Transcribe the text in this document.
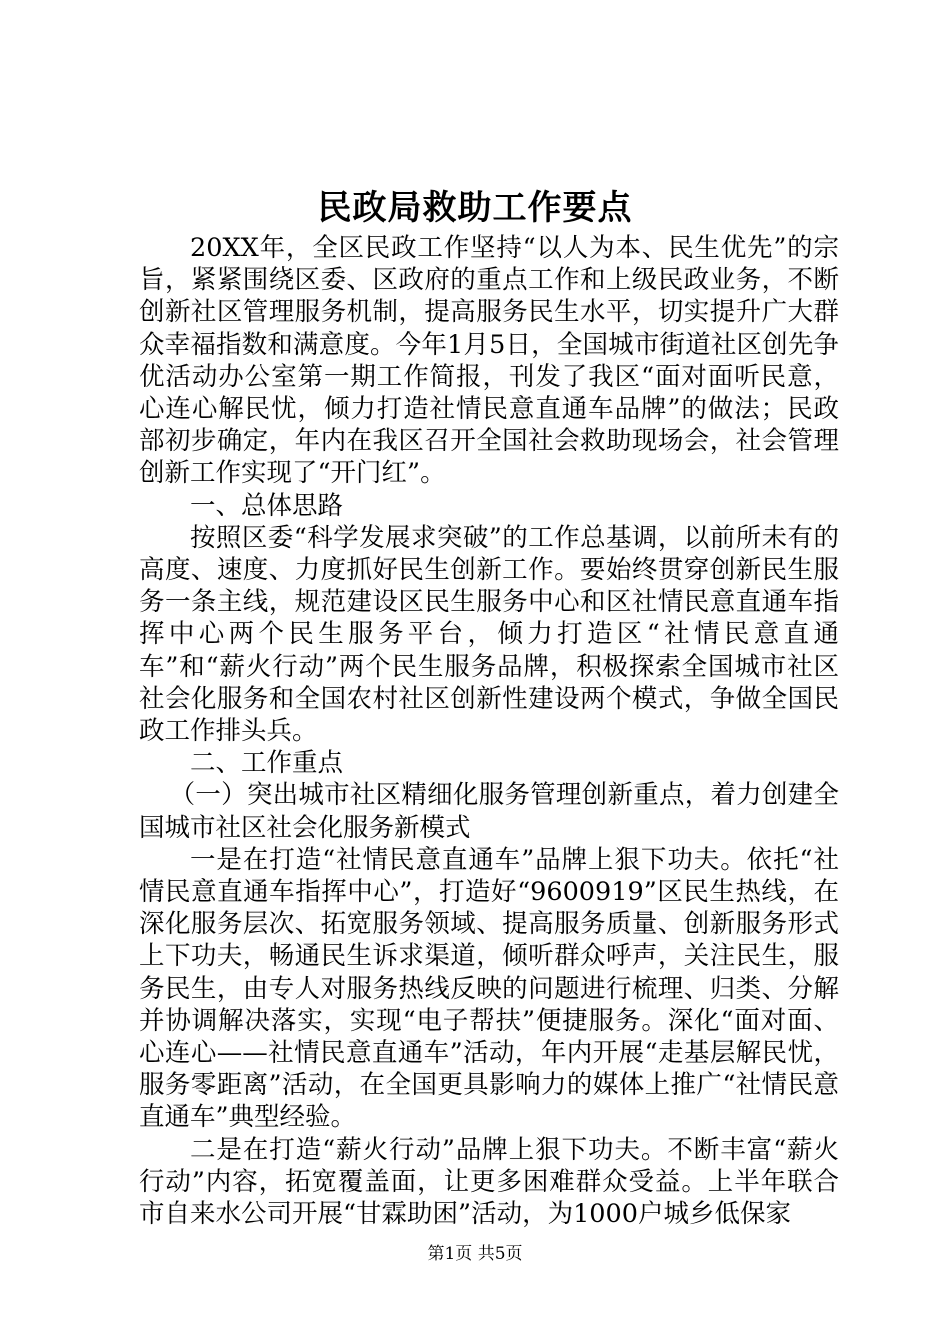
民政局救助工作要点

20XX年，全区民政工作坚持“以人为本、民生优先”的宗旨，紧紧围绕区委、区政府的重点工作和上级民政业务，不断创新社区管理服务机制，提高服务民生水平，切实提升广大群众幸福指数和满意度。今年1月5日，全国城市街道社区创先争优活动办公室第一期工作简报，刊发了我区“面对面听民意，心连心解民忧，倾力打造社情民意直通车品牌”的做法；民政部初步确定，年内在我区召开全国社会救助现场会，社会管理创新工作实现了“开门红”。

一、总体思路

按照区委“科学发展求突破”的工作总基调，以前所未有的高度、速度、力度抓好民生创新工作。要始终贯穿创新民生服务一条主线，规范建设区民生服务中心和区社情民意直通车指挥中心两个民生服务平台，倾力打造区“社情民意直通车”和“薪火行动”两个民生服务品牌，积极探索全国城市社区社会化服务和全国农村社区创新性建设两个模式，争做全国民政工作排头兵。

二、工作重点

（一）突出城市社区精细化服务管理创新重点，着力创建全国城市社区社会化服务新模式

一是在打造“社情民意直通车”品牌上狠下功夫。依托“社情民意直通车指挥中心”，打造好“9600919”区民生热线，在深化服务层次、拓宽服务领域、提高服务质量、创新服务形式上下功夫，畅通民生诉求渠道，倾听群众呼声，关注民生，服务民生，由专人对服务热线反映的问题进行梳理、归类、分解并协调解决落实，实现“电子帮扶”便捷服务。深化“面对面、心连心——社情民意直通车”活动，年内开展“走基层解民忧，服务零距离”活动，在全国更具影响力的媒体上推广“社情民意直通车”典型经验。

二是在打造“薪火行动”品牌上狠下功夫。不断丰富“薪火行动”内容，拓宽覆盖面，让更多困难群众受益。上半年联合市自来水公司开展“甘霖助困”活动，为1000户城乡低保家

第1页 共5页
